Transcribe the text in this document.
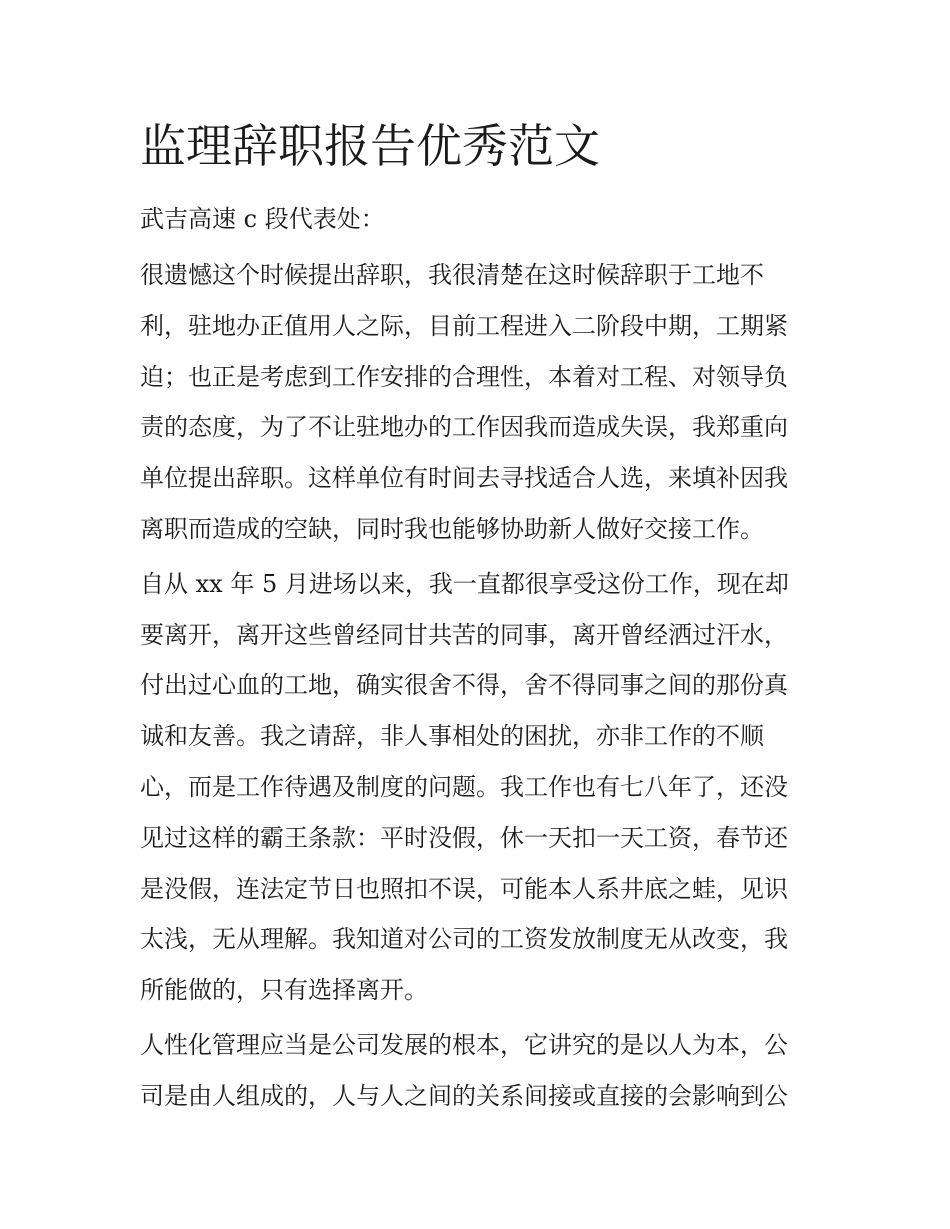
监理辞职报告优秀范文

武吉高速 c 段代表处：

很遗憾这个时候提出辞职，我很清楚在这时候辞职于工地不
利，驻地办正值用人之际，目前工程进入二阶段中期，工期紧
迫；也正是考虑到工作安排的合理性，本着对工程、对领导负
责的态度，为了不让驻地办的工作因我而造成失误，我郑重向
单位提出辞职。这样单位有时间去寻找适合人选，来填补因我
离职而造成的空缺，同时我也能够协助新人做好交接工作。
自从 xx 年 5 月进场以来，我一直都很享受这份工作，现在却
要离开，离开这些曾经同甘共苦的同事，离开曾经洒过汗水，
付出过心血的工地，确实很舍不得，舍不得同事之间的那份真
诚和友善。我之请辞，非人事相处的困扰，亦非工作的不顺
心，而是工作待遇及制度的问题。我工作也有七八年了，还没
见过这样的霸王条款：平时没假，休一天扣一天工资，春节还
是没假，连法定节日也照扣不误，可能本人系井底之蛙，见识
太浅，无从理解。我知道对公司的工资发放制度无从改变，我
所能做的，只有选择离开。
人性化管理应当是公司发展的根本，它讲究的是以人为本，公
司是由人组成的，人与人之间的关系间接或直接的会影响到公
